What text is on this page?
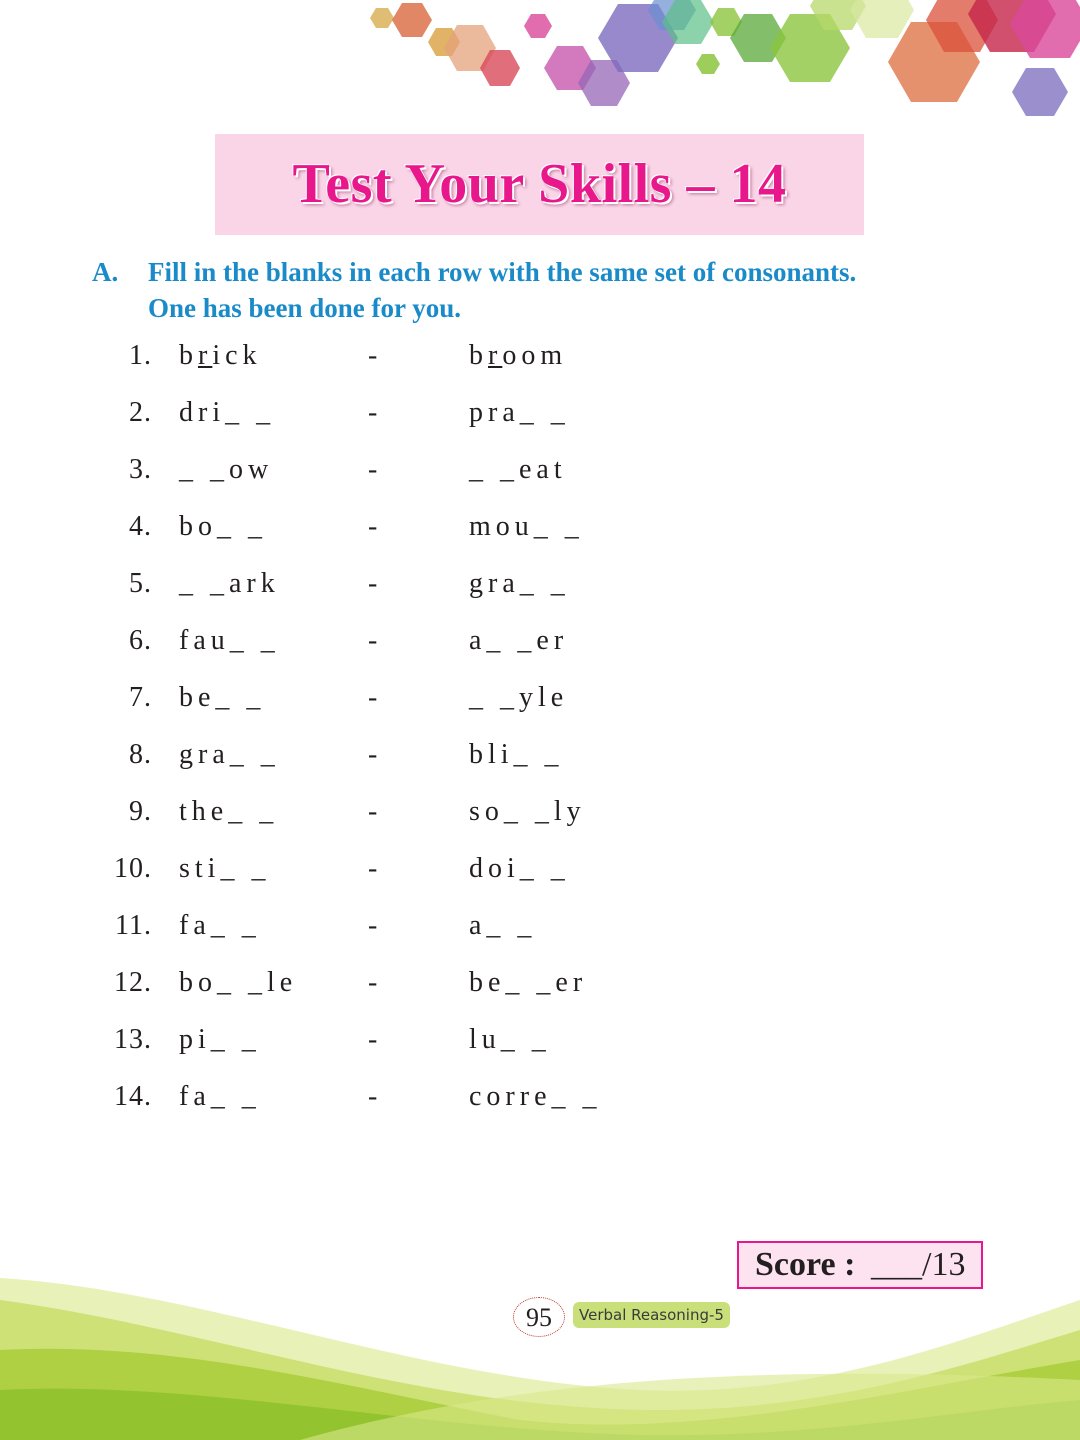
Test Your Skills – 14
A. Fill in the blanks in each row with the same set of consonants.
One has been done for you.
1. brick	-	broom
2. dri_ _	-	pra_ _
3. _ _ow	-	_ _eat
4. bo_ _	-	mou_ _
5. _ _ark	-	gra_ _
6. fau_ _	-	a_ _er
7. be_ _	-	_ _yle
8. gra_ _	-	bli_ _
9. the_ _	-	so_ _ly
10. sti_ _	-	doi_ _
11. fa_ _	-	a_ _
12. bo_ _le	-	be_ _er
13. pi_ _	-	lu_ _
14. fa_ _	-	corre_ _
Score : ___/13
95	Verbal Reasoning-5
